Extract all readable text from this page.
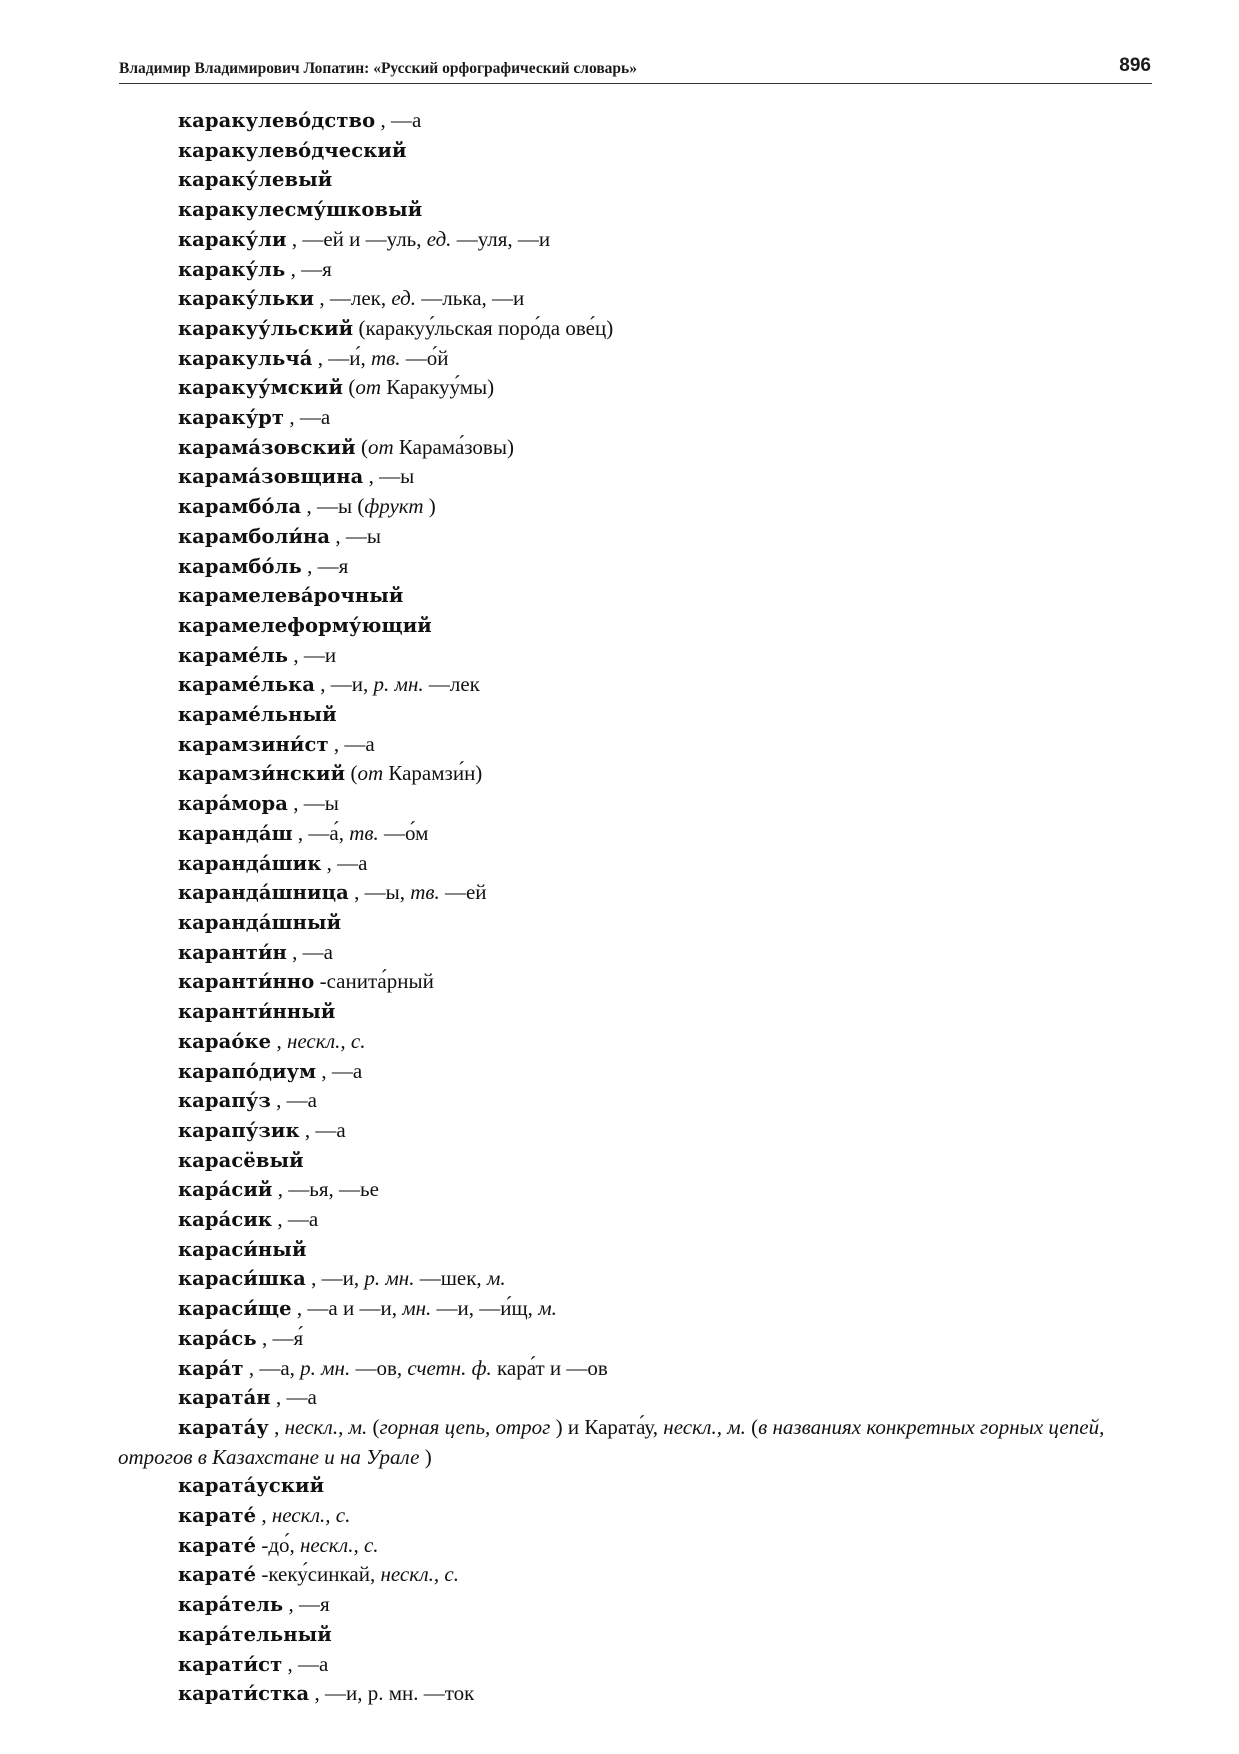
Владимир Владимирович Лопатин: «Русский орфографический словарь»	896
каракулево́дство , —а
каракулево́дческий
карaку́левый
каракулесму́шковый
карaку́ли , —ей и —уль, ед. —уля, —и
карaку́ль , —я
карaку́льки , —лек, ед. —лька, —и
каракуу́льский (каракуу́льская поро́да ове́ц)
каракульча́ , —и́, тв. —о́й
каракуу́мский (от Каракуу́мы)
карaку́рт , —а
карама́зовский (от Карама́зовы)
карама́зовщина , —ы
карамбо́ла , —ы (фрукт )
карамболи́на , —ы
карамбо́ль , —я
карамелева́рочный
карамелеформу́ющий
караме́ль , —и
караме́лька , —и, р. мн. —лек
караме́льный
карамзини́ст , —а
карамзи́нский (от Карамзи́н)
кара́мора , —ы
каранда́ш , —а́, тв. —о́м
каранда́шик , —а
каранда́шница , —ы, тв. —ей
каранда́шный
каранти́н , —а
каранти́нно -санита́рный
каранти́нный
карао́ке , нескл., с.
карапо́диум , —а
карапу́з , —а
карапу́зик , —а
карасёвый
кара́сий , —ья, —ье
кара́сик , —а
караси́ный
караси́шка , —и, р. мн. —шек, м.
караси́ще , —а и —и, мн. —и, —и́щ, м.
кара́сь , —я́
кара́т , —а, р. мн. —ов, счетн. ф. кара́т и —ов
карата́н , —а
карата́у , нескл., м. (горная цепь, отрог ) и Карата́у, нескл., м. (в названиях конкретных горных цепей, отрогов в Казахстане и на Урале )
карата́уский
карате́ , нескл., с.
карате́ -до́, нескл., с.
карате́ -кеку́синкай, нескл., с.
кара́тель , —я
кара́тельный
карати́ст , —а
карати́стка , —и, р. мн. —ток
